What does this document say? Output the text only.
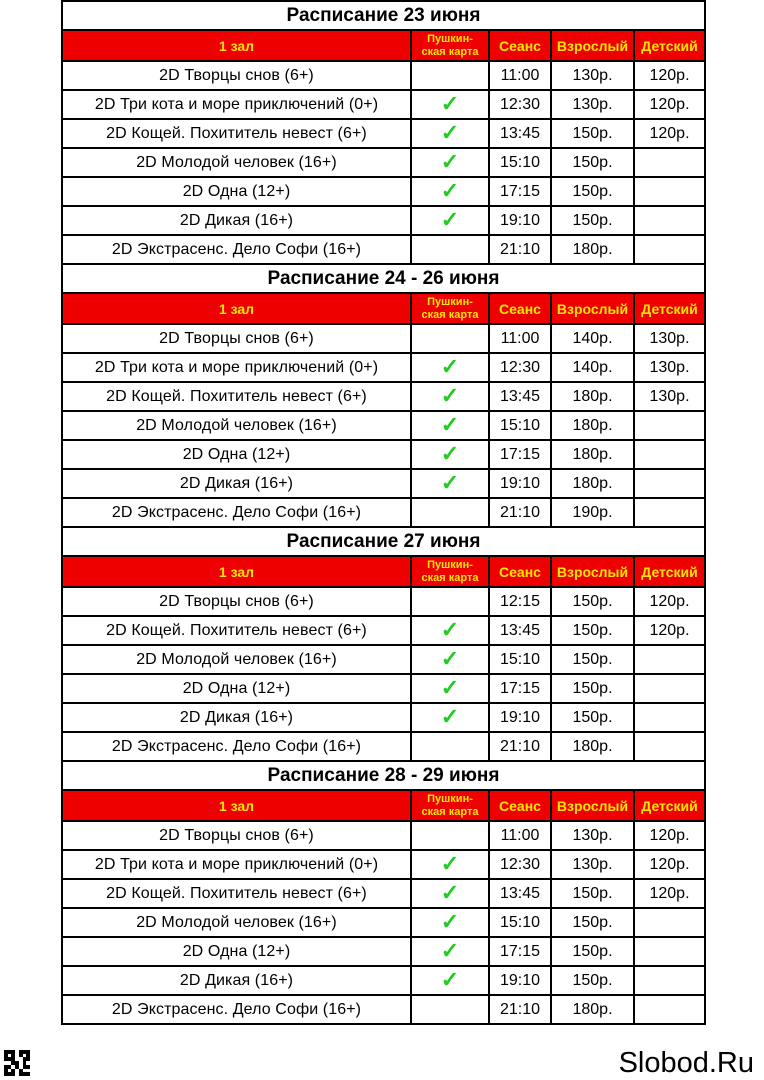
Расписание 23 июня				
1 зал	Пушкин-
ская карта	Сеанс	Взрослый	Детский
2D Творцы снов (6+)		11:00	130р.	120р.
2D Три кота и море приключений (0+)	✓	12:30	130р.	120р.
2D Кощей. Похититель невест (6+)	✓	13:45	150р.	120р.
2D Молодой человек (16+)	✓	15:10	150р.	
2D Одна (12+)	✓	17:15	150р.	
2D Дикая (16+)	✓	19:10	150р.	
2D Экстрасенс. Дело Софи (16+)		21:10	180р.	
Расписание 24 - 26 июня				
1 зал	Пушкин-
ская карта	Сеанс	Взрослый	Детский
2D Творцы снов (6+)		11:00	140р.	130р.
2D Три кота и море приключений (0+)	✓	12:30	140р.	130р.
2D Кощей. Похититель невест (6+)	✓	13:45	180р.	130р.
2D Молодой человек (16+)	✓	15:10	180р.	
2D Одна (12+)	✓	17:15	180р.	
2D Дикая (16+)	✓	19:10	180р.	
2D Экстрасенс. Дело Софи (16+)		21:10	190р.	
Расписание 27 июня				
1 зал	Пушкин-
ская карта	Сеанс	Взрослый	Детский
2D Творцы снов (6+)		12:15	150р.	120р.
2D Кощей. Похититель невест (6+)	✓	13:45	150р.	120р.
2D Молодой человек (16+)	✓	15:10	150р.	
2D Одна (12+)	✓	17:15	150р.	
2D Дикая (16+)	✓	19:10	150р.	
2D Экстрасенс. Дело Софи (16+)		21:10	180р.	
Расписание 28 - 29 июня				
1 зал	Пушкин-
ская карта	Сеанс	Взрослый	Детский
2D Творцы снов (6+)		11:00	130р.	120р.
2D Три кота и море приключений (0+)	✓	12:30	130р.	120р.
2D Кощей. Похититель невест (6+)	✓	13:45	150р.	120р.
2D Молодой человек (16+)	✓	15:10	150р.	
2D Одна (12+)	✓	17:15	150р.	
2D Дикая (16+)	✓	19:10	150р.	
2D Экстрасенс. Дело Софи (16+)		21:10	180р.	
Slobod.Ru
